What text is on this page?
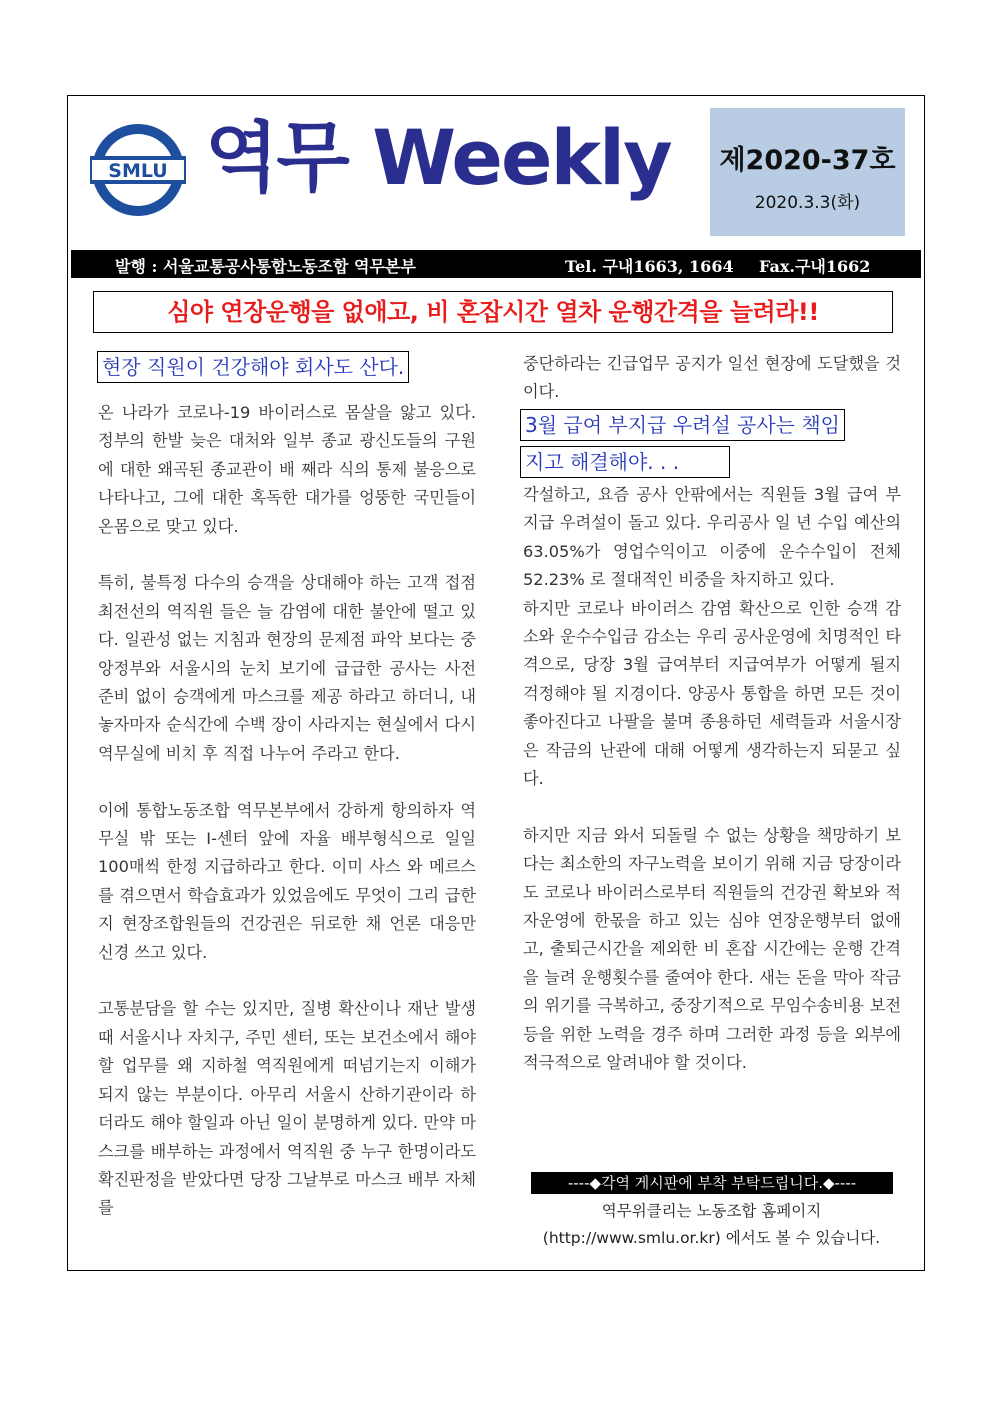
SMLU 역무 Weekly	제2020-37호
2020.3.3(화)
발행 : 서울교통공사통합노동조합 역무본부	Tel. 구내1663, 1664 Fax.구내1662
심야 연장운행을 없애고, 비 혼잡시간 열차 운행간격을 늘려라!!
현장 직원이 건강해야 회사도 산다.

온 나라가 코로나-19 바이러스로 몸살을 앓고 있다. 정부의 한발 늦은 대처와 일부 종교 광신도들의 구원에 대한 왜곡된 종교관이 배 째라 식의 통제 불응으로 나타나고, 그에 대한 혹독한 대가를 엉뚱한 국민들이 온몸으로 맞고 있다.

특히, 불특정 다수의 승객을 상대해야 하는 고객 접점 최전선의 역직원 들은 늘 감염에 대한 불안에 떨고 있다. 일관성 없는 지침과 현장의 문제점 파악 보다는 중앙정부와 서울시의 눈치 보기에 급급한 공사는 사전 준비 없이 승객에게 마스크를 제공 하라고 하더니, 내놓자마자 순식간에 수백 장이 사라지는 현실에서 다시 역무실에 비치 후 직접 나누어 주라고 한다.

이에 통합노동조합 역무본부에서 강하게 항의하자 역무실 밖 또는 I-센터 앞에 자율 배부형식으로 일일 100매씩 한정 지급하라고 한다. 이미 사스 와 메르스를 겪으면서 학습효과가 있었음에도 무엇이 그리 급한지 현장조합원들의 건강권은 뒤로한 채 언론 대응만 신경 쓰고 있다.

고통분담을 할 수는 있지만, 질병 확산이나 재난 발생때 서울시나 자치구, 주민 센터, 또는 보건소에서 해야 할 업무를 왜 지하철 역직원에게 떠넘기는지 이해가 되지 않는 부분이다. 아무리 서울시 산하기관이라 하더라도 해야 할일과 아닌 일이 분명하게 있다. 만약 마스크를 배부하는 과정에서 역직원 중 누구 한명이라도 확진판정을 받았다면 당장 그날부로 마스크 배부 자체를

중단하라는 긴급업무 공지가 일선 현장에 도달했을 것이다.

3월 급여 부지급 우려설 공사는 책임
지고 해결해야. . .

각설하고, 요즘 공사 안팎에서는 직원들 3월 급여 부지급 우려설이 돌고 있다. 우리공사 일 년 수입 예산의 63.05%가 영업수익이고 이중에 운수수입이 전체 52.23% 로 절대적인 비중을 차지하고 있다.

하지만 코로나 바이러스 감염 확산으로 인한 승객 감소와 운수수입금 감소는 우리 공사운영에 치명적인 타격으로, 당장 3월 급여부터 지급여부가 어떻게 될지 걱정해야 될 지경이다. 양공사 통합을 하면 모든 것이 좋아진다고 나팔을 불며 종용하던 세력들과 서울시장은 작금의 난관에 대해 어떻게 생각하는지 되묻고 싶다.

하지만 지금 와서 되돌릴 수 없는 상황을 책망하기 보다는 최소한의 자구노력을 보이기 위해 지금 당장이라도 코로나 바이러스로부터 직원들의 건강권 확보와 적자운영에 한몫을 하고 있는 심야 연장운행부터 없애고, 출퇴근시간을 제외한 비 혼잡 시간에는 운행 간격을 늘려 운행횟수를 줄여야 한다. 새는 돈을 막아 작금의 위기를 극복하고, 중장기적으로 무임수송비용 보전 등을 위한 노력을 경주 하며 그러한 과정 등을 외부에 적극적으로 알려내야 할 것이다.

----◆각역 게시판에 부착 부탁드립니다.◆----
역무위클리는 노동조합 홈페이지
(http://www.smlu.or.kr) 에서도 볼 수 있습니다.
